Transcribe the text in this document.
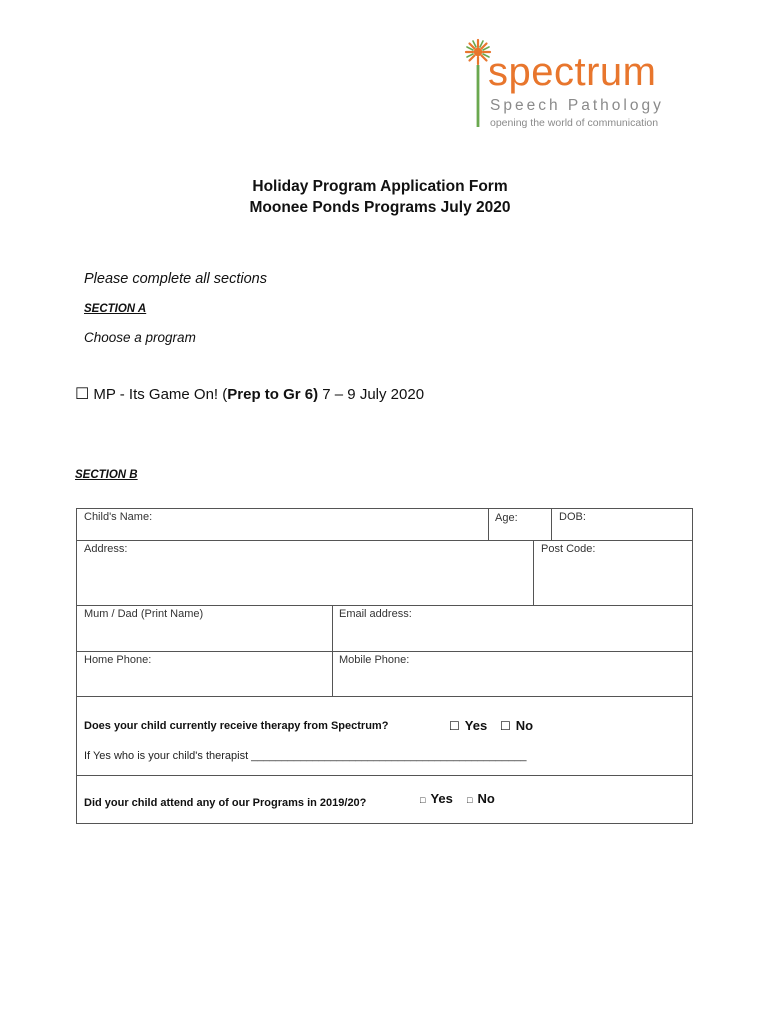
spectrum
Speech Pathology
opening the world of communication
Holiday Program Application Form
Moonee Ponds Programs July 2020
Please complete all sections
SECTION A
Choose a program
☐ MP - Its Game On! (Prep to Gr 6) 7 – 9 July 2020
SECTION B
Child's Name:	Age:	DOB:
Address:	Post Code:
Mum / Dad (Print Name)	Email address:
Home Phone:	Mobile Phone:
Does your child currently receive therapy from Spectrum?	☐ Yes ☐ No
If Yes who is your child's therapist _____________________________________________
Did your child attend any of our Programs in 2019/20?	□ Yes □ No
